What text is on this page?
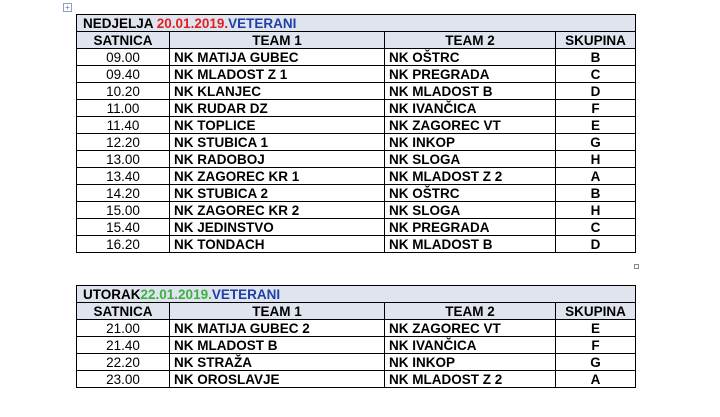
+
NEDJELJA 20.01.2019.VETERANI			
SATNICA	TEAM 1	TEAM 2	SKUPINA
09.00	NK MATIJA GUBEC	NK OŠTRC	B
09.40	NK MLADOST Z 1	NK PREGRADA	C
10.20	NK KLANJEC	NK MLADOST B	D
11.00	NK RUDAR DZ	NK IVANČICA	F
11.40	NK TOPLICE	NK ZAGOREC VT	E
12.20	NK STUBICA 1	NK INKOP	G
13.00	NK RADOBOJ	NK SLOGA	H
13.40	NK ZAGOREC KR 1	NK MLADOST Z 2	A
14.20	NK STUBICA 2	NK OŠTRC	B
15.00	NK ZAGOREC KR 2	NK SLOGA	H
15.40	NK JEDINSTVO	NK PREGRADA	C
16.20	NK TONDACH	NK MLADOST B	D
UTORAK22.01.2019.VETERANI			
SATNICA	TEAM 1	TEAM 2	SKUPINA
21.00	NK MATIJA GUBEC 2	NK ZAGOREC VT	E
21.40	NK MLADOST B	NK IVANČICA	F
22.20	NK STRAŽA	NK INKOP	G
23.00	NK OROSLAVJE	NK MLADOST Z 2	A
